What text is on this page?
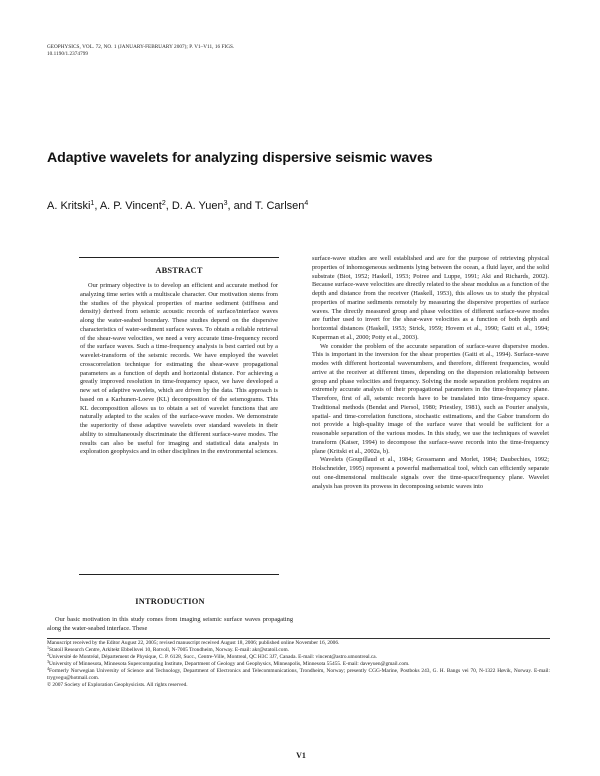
GEOPHYSICS, VOL. 72, NO. 1 (JANUARY-FEBRUARY 2007); P. V1–V11, 16 FIGS.
10.1190/1.2374799
Adaptive wavelets for analyzing dispersive seismic waves
A. Kritski$^1$, A. P. Vincent$^2$, D. A. Yuen$^3$, and T. Carlsen$^4$
ABSTRACT

Our primary objective is to develop an efficient and accurate method for analyzing time series with a multiscale character. Our motivation stems from the studies of the physical properties of marine sediment (stiffness and density) derived from seismic acoustic records of surface/interface waves along the water-seabed boundary. These studies depend on the dispersive characteristics of water-sediment surface waves. To obtain a reliable retrieval of the shear-wave velocities, we need a very accurate time-frequency record of the surface waves. Such a time-frequency analysis is best carried out by a wavelet-transform of the seismic records. We have employed the wavelet crosscorrelation technique for estimating the shear-wave propagational parameters as a function of depth and horizontal distance. For achieving a greatly improved resolution in time-frequency space, we have developed a new set of adaptive wavelets, which are driven by the data. This approach is based on a Karhunen-Loeve (KL) decomposition of the seismograms. This KL decomposition allows us to obtain a set of wavelet functions that are naturally adapted to the scales of the surface-wave modes. We demonstrate the superiority of these adaptive wavelets over standard wavelets in their ability to simultaneously discriminate the different surface-wave modes. The results can also be useful for imaging and statistical data analysis in exploration geophysics and in other disciplines in the environmental sciences.

INTRODUCTION

Our basic motivation in this study comes from imaging seismic surface waves propagating along the water-seabed interface. These

surface-wave studies are well established and are for the purpose of retrieving physical properties of inhomogeneous sediments lying between the ocean, a fluid layer, and the solid substrate (Biot, 1952; Haskell, 1953; Poiree and Luppe, 1991; Aki and Richards, 2002). Because surface-wave velocities are directly related to the shear modulus as a function of the depth and distance from the receiver (Haskell, 1953), this allows us to study the physical properties of marine sediments remotely by measuring the dispersive properties of surface waves. The directly measured group and phase velocities of different surface-wave modes are further used to invert for the shear-wave velocities as a function of both depth and horizontal distances (Haskell, 1953; Strick, 1959; Hovem et al., 1990; Gaiti et al., 1994; Kuperman et al., 2000; Potty et al., 2003).

We consider the problem of the accurate separation of surface-wave dispersive modes. This is important in the inversion for the shear properties (Gaiti et al., 1994). Surface-wave modes with different horizontal wavenumbers, and therefore, different frequencies, would arrive at the receiver at different times, depending on the dispersion relationship between group and phase velocities and frequency. Solving the mode separation problem requires an extremely accurate analysis of their propagational parameters in the time-frequency plane. Therefore, first of all, seismic records have to be translated into time-frequency space. Traditional methods (Bendat and Piersol, 1980; Priestley, 1981), such as Fourier analysis, spatial- and time-correlation functions, stochastic estimations, and the Gabor transform do not provide a high-quality image of the surface wave that would be sufficient for a reasonable separation of the various modes. In this study, we use the techniques of wavelet transform (Kaiser, 1994) to decompose the surface-wave records into the time-frequency plane (Kritski et al., 2002a, b).

Wavelets (Goupillaud et al., 1984; Grossmann and Morlet, 1984; Daubechies, 1992; Holschneider, 1995) represent a powerful mathematical tool, which can efficiently separate out one-dimensional multiscale signals over the time-space/frequency plane. Wavelet analysis has proven its prowess in decomposing seismic waves into

Manuscript received by the Editor August 22, 2005; revised manuscript received August 18, 2006; published online November 16, 2006.
$^1$Statoil Research Centre, Arkitekt Ebbellsvei 10, Rotvoll, N-7005 Trondheim, Norway. E-mail: akr@statoil.com.
$^2$Université de Montréal, Département de Physique, C. P. 6128, Succ., Centre-Ville, Montreal, QC H3C 3J7, Canada. E-mail: vincent@astro.umontreal.ca.
$^3$University of Minnesota, Minnesota Supercomputing Institute, Department of Geology and Geophysics, Minneapolis, Minnesota 55455. E-mail: daveyuen@gmail.com.
$^4$Formerly Norwegian University of Science and Technology, Department of Electronics and Telecommunications, Trondheim, Norway; presently CGG-Marine, Postboks 243, G. H. Bangs vei 70, N-1322 Høvik, Norway. E-mail: trygvegu@hotmail.com.
© 2007 Society of Exploration Geophysicists. All rights reserved.
V1
